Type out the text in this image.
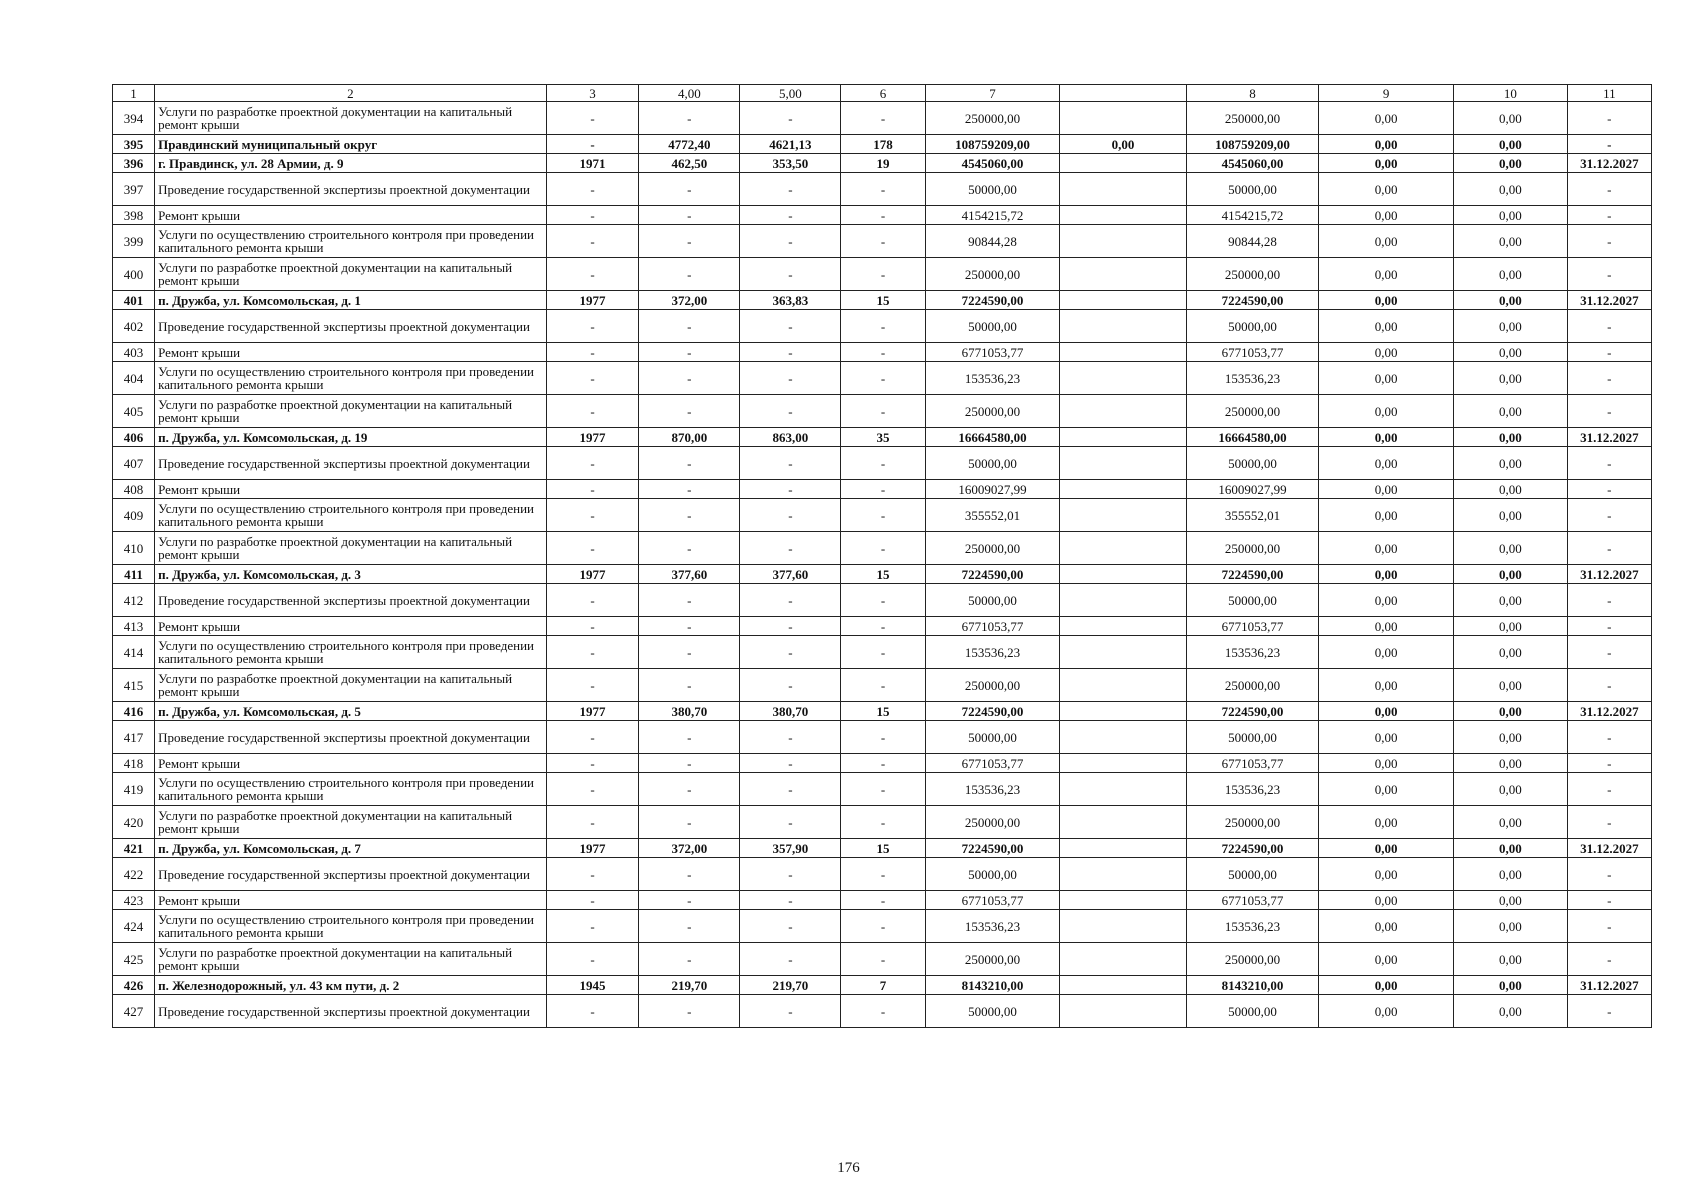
1	2	3	4,00	5,00	6	7		8	9	10	11
394	Услуги по разработке проектной документации на капитальный ремонт крыши	-	-	-	-	250000,00		250000,00	0,00	0,00	-
395	Правдинский муниципальный округ	-	4772,40	4621,13	178	108759209,00	0,00	108759209,00	0,00	0,00	-
396	г. Правдинск, ул. 28 Армии, д. 9	1971	462,50	353,50	19	4545060,00		4545060,00	0,00	0,00	31.12.2027
397	Проведение государственной экспертизы проектной документации	-	-	-	-	50000,00		50000,00	0,00	0,00	-
398	Ремонт крыши	-	-	-	-	4154215,72		4154215,72	0,00	0,00	-
399	Услуги по осуществлению строительного контроля при проведении капитального ремонта крыши	-	-	-	-	90844,28		90844,28	0,00	0,00	-
400	Услуги по разработке проектной документации на капитальный ремонт крыши	-	-	-	-	250000,00		250000,00	0,00	0,00	-
401	п. Дружба, ул. Комсомольская, д. 1	1977	372,00	363,83	15	7224590,00		7224590,00	0,00	0,00	31.12.2027
402	Проведение государственной экспертизы проектной документации	-	-	-	-	50000,00		50000,00	0,00	0,00	-
403	Ремонт крыши	-	-	-	-	6771053,77		6771053,77	0,00	0,00	-
404	Услуги по осуществлению строительного контроля при проведении капитального ремонта крыши	-	-	-	-	153536,23		153536,23	0,00	0,00	-
405	Услуги по разработке проектной документации на капитальный ремонт крыши	-	-	-	-	250000,00		250000,00	0,00	0,00	-
406	п. Дружба, ул. Комсомольская, д. 19	1977	870,00	863,00	35	16664580,00		16664580,00	0,00	0,00	31.12.2027
407	Проведение государственной экспертизы проектной документации	-	-	-	-	50000,00		50000,00	0,00	0,00	-
408	Ремонт крыши	-	-	-	-	16009027,99		16009027,99	0,00	0,00	-
409	Услуги по осуществлению строительного контроля при проведении капитального ремонта крыши	-	-	-	-	355552,01		355552,01	0,00	0,00	-
410	Услуги по разработке проектной документации на капитальный ремонт крыши	-	-	-	-	250000,00		250000,00	0,00	0,00	-
411	п. Дружба, ул. Комсомольская, д. 3	1977	377,60	377,60	15	7224590,00		7224590,00	0,00	0,00	31.12.2027
412	Проведение государственной экспертизы проектной документации	-	-	-	-	50000,00		50000,00	0,00	0,00	-
413	Ремонт крыши	-	-	-	-	6771053,77		6771053,77	0,00	0,00	-
414	Услуги по осуществлению строительного контроля при проведении капитального ремонта крыши	-	-	-	-	153536,23		153536,23	0,00	0,00	-
415	Услуги по разработке проектной документации на капитальный ремонт крыши	-	-	-	-	250000,00		250000,00	0,00	0,00	-
416	п. Дружба, ул. Комсомольская, д. 5	1977	380,70	380,70	15	7224590,00		7224590,00	0,00	0,00	31.12.2027
417	Проведение государственной экспертизы проектной документации	-	-	-	-	50000,00		50000,00	0,00	0,00	-
418	Ремонт крыши	-	-	-	-	6771053,77		6771053,77	0,00	0,00	-
419	Услуги по осуществлению строительного контроля при проведении капитального ремонта крыши	-	-	-	-	153536,23		153536,23	0,00	0,00	-
420	Услуги по разработке проектной документации на капитальный ремонт крыши	-	-	-	-	250000,00		250000,00	0,00	0,00	-
421	п. Дружба, ул. Комсомольская, д. 7	1977	372,00	357,90	15	7224590,00		7224590,00	0,00	0,00	31.12.2027
422	Проведение государственной экспертизы проектной документации	-	-	-	-	50000,00		50000,00	0,00	0,00	-
423	Ремонт крыши	-	-	-	-	6771053,77		6771053,77	0,00	0,00	-
424	Услуги по осуществлению строительного контроля при проведении капитального ремонта крыши	-	-	-	-	153536,23		153536,23	0,00	0,00	-
425	Услуги по разработке проектной документации на капитальный ремонт крыши	-	-	-	-	250000,00		250000,00	0,00	0,00	-
426	п. Железнодорожный, ул. 43 км пути, д. 2	1945	219,70	219,70	7	8143210,00		8143210,00	0,00	0,00	31.12.2027
427	Проведение государственной экспертизы проектной документации	-	-	-	-	50000,00		50000,00	0,00	0,00	-
176
